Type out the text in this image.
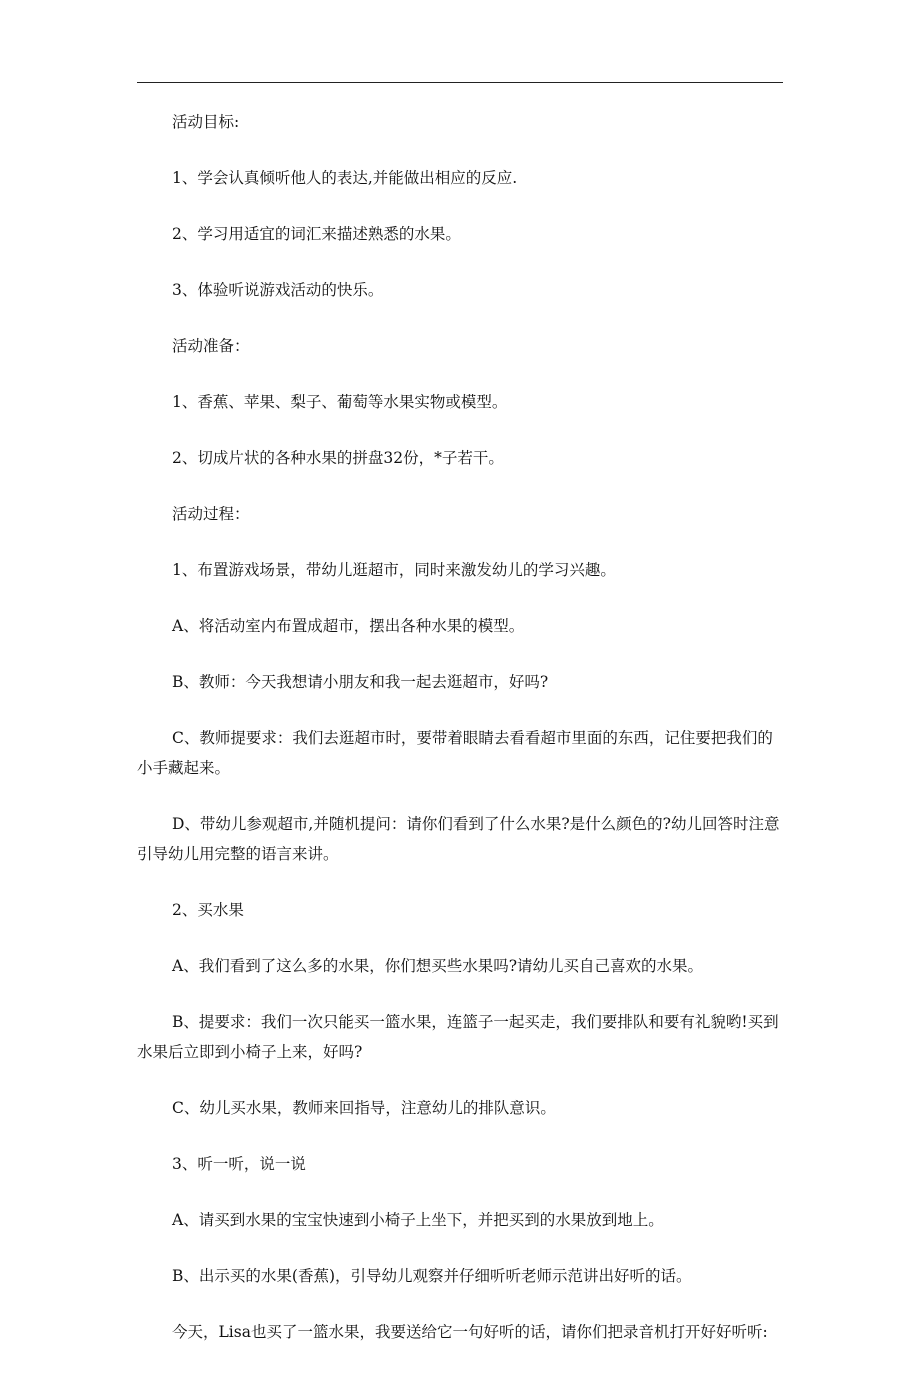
活动目标:

1、学会认真倾听他人的表达,并能做出相应的反应.

2、学习用适宜的词汇来描述熟悉的水果。

3、体验听说游戏活动的快乐。

活动准备：

1、香蕉、苹果、梨子、葡萄等水果实物或模型。

2、切成片状的各种水果的拼盘32份，*子若干。

活动过程：

1、布置游戏场景，带幼儿逛超市，同时来激发幼儿的学习兴趣。

A、将活动室内布置成超市，摆出各种水果的模型。

B、教师：今天我想请小朋友和我一起去逛超市，好吗?

C、教师提要求：我们去逛超市时，要带着眼睛去看看超市里面的东西，记住要把我们的小手藏起来。

D、带幼儿参观超市,并随机提问：请你们看到了什么水果?是什么颜色的?幼儿回答时注意引导幼儿用完整的语言来讲。

2、买水果

A、我们看到了这么多的水果，你们想买些水果吗?请幼儿买自己喜欢的水果。

B、提要求：我们一次只能买一篮水果，连篮子一起买走，我们要排队和要有礼貌哟!买到水果后立即到小椅子上来，好吗?

C、幼儿买水果，教师来回指导，注意幼儿的排队意识。

3、听一听，说一说

A、请买到水果的宝宝快速到小椅子上坐下，并把买到的水果放到地上。

B、出示买的水果(香蕉)，引导幼儿观察并仔细听听老师示范讲出好听的话。

今天，Lisa也买了一篮水果，我要送给它一句好听的话，请你们把录音机打开好好听听:
